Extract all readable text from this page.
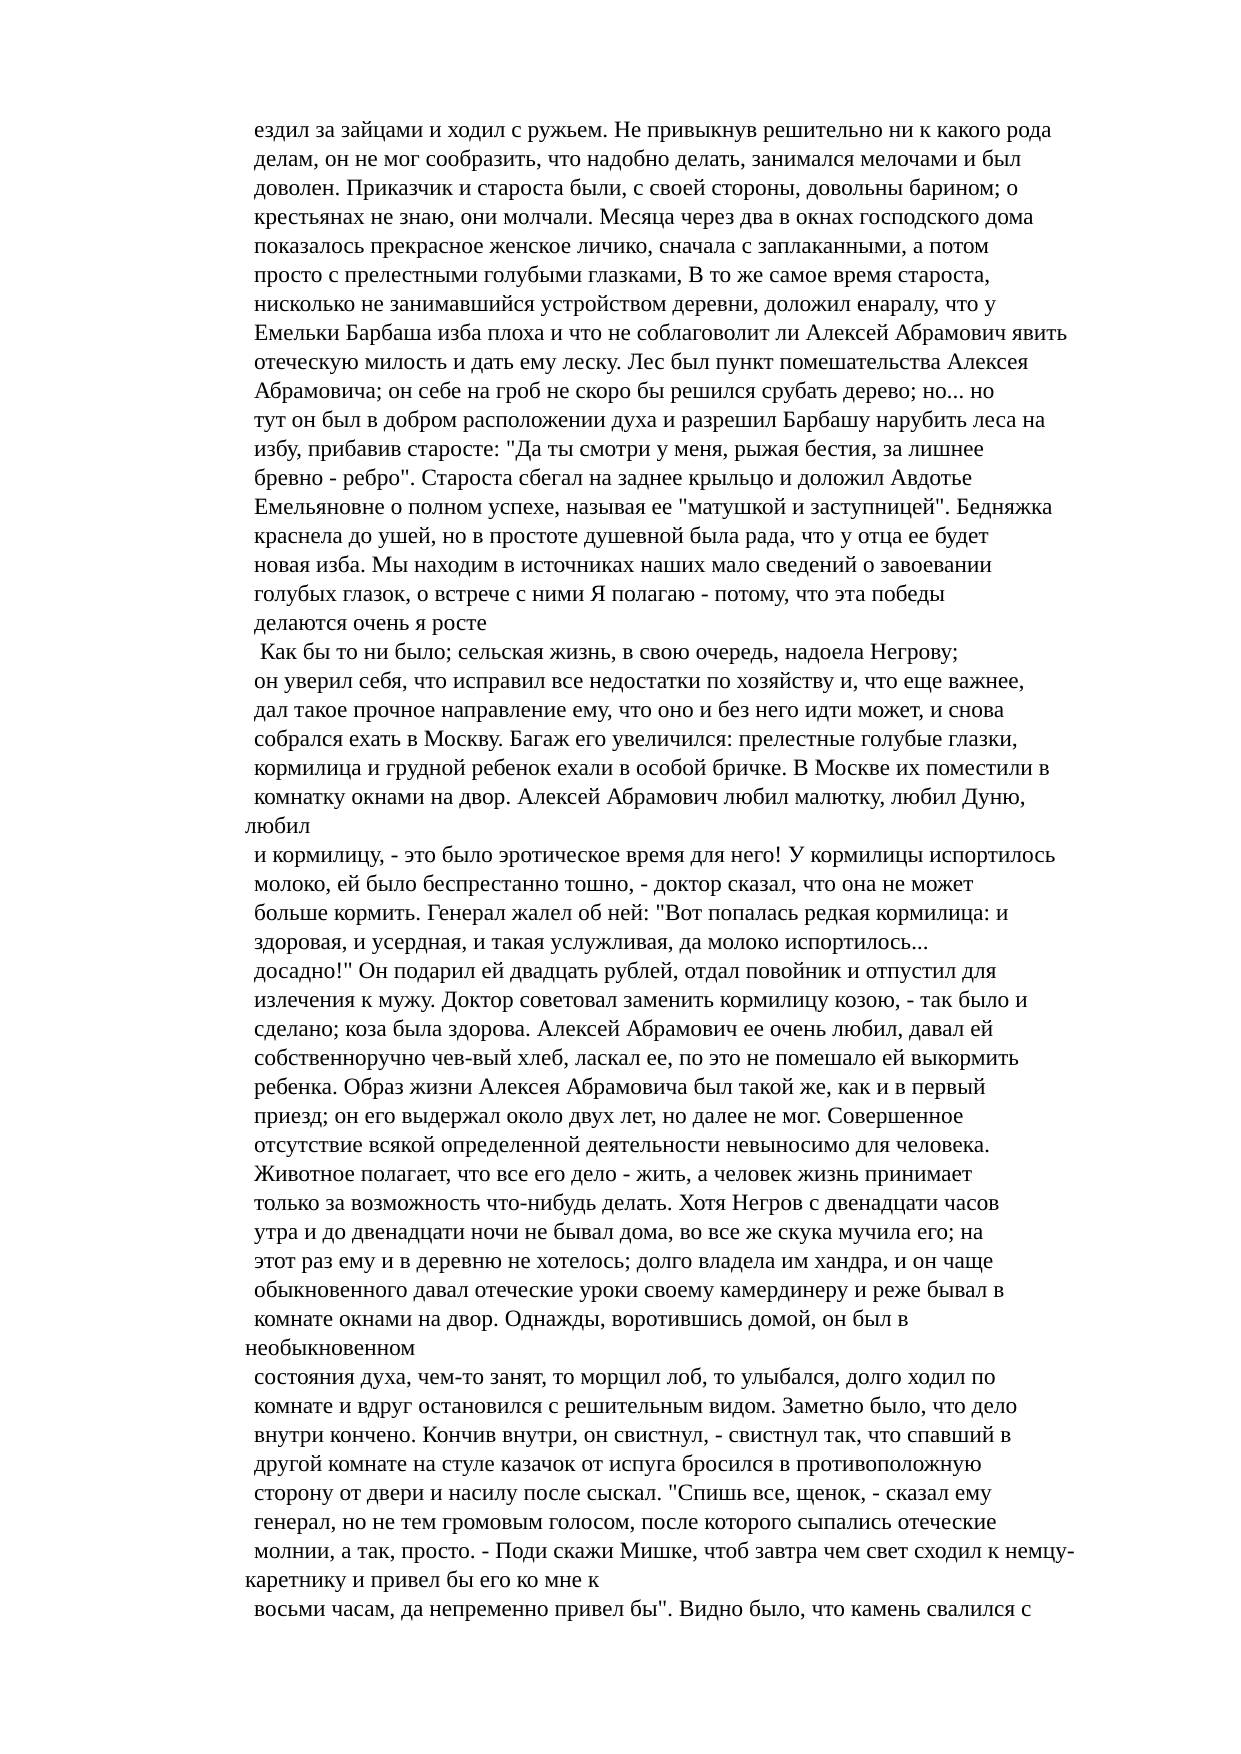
ездил за зайцами и ходил с ружьем. Не привыкнув решительно ни к какого рода
делам, он не мог сообразить, что надобно делать, занимался мелочами и был
доволен. Приказчик и староста были, с своей стороны, довольны барином; о
крестьянах не знаю, они молчали. Месяца через два в окнах господского дома
показалось прекрасное женское личико, сначала с заплаканными, а потом
просто с прелестными голубыми глазками, В то же самое время староста,
нисколько не занимавшийся устройством деревни, доложил енаралу, что у
Емельки Барбаша изба плоха и что не соблаговолит ли Алексей Абрамович явить
отеческую милость и дать ему леску. Лес был пункт помешательства Алексея
Абрамовича; он себе на гроб не скоро бы решился срубать дерево; но... но
тут он был в добром расположении духа и разрешил Барбашу нарубить леса на
избу, прибавив старосте: "Да ты смотри у меня, рыжая бестия, за лишнее
бревно - ребро". Староста сбегал на заднее крыльцо и доложил Авдотье
Емельяновне о полном успехе, называя ее "матушкой и заступницей". Бедняжка
краснела до ушей, но в простоте душевной была рада, что у отца ее будет
новая изба. Мы находим в источниках наших мало сведений о завоевании
голубых глазок, о встрече с ними Я полагаю - потому, что эта победы
делаются очень я росте
Как бы то ни было; сельская жизнь, в свою очередь, надоела Негрову;
он уверил себя, что исправил все недостатки по хозяйству и, что еще важнее,
дал такое прочное направление ему, что оно и без него идти может, и снова
собрался ехать в Москву. Багаж его увеличился: прелестные голубые глазки,
кормилица и грудной ребенок ехали в особой бричке. В Москве их поместили в
комнатку окнами на двор. Алексей Абрамович любил малютку, любил Дуню,
любил
и кормилицу, - это было эротическое время для него! У кормилицы испортилось
молоко, ей было беспрестанно тошно, - доктор сказал, что она не может
больше кормить. Генерал жалел об ней: "Вот попалась редкая кормилица: и
здоровая, и усердная, и такая услужливая, да молоко испортилось...
досадно!" Он подарил ей двадцать рублей, отдал повойник и отпустил для
излечения к мужу. Доктор советовал заменить кормилицу козою, - так было и
сделано; коза была здорова. Алексей Абрамович ее очень любил, давал ей
собственноручно чев-вый хлеб, ласкал ее, по это не помешало ей выкормить
ребенка. Образ жизни Алексея Абрамовича был такой же, как и в первый
приезд; он его выдержал около двух лет, но далее не мог. Совершенное
отсутствие всякой определенной деятельности невыносимо для человека.
Животное полагает, что все его дело - жить, а человек жизнь принимает
только за возможность что-нибудь делать. Хотя Негров с двенадцати часов
утра и до двенадцати ночи не бывал дома, во все же скука мучила его; на
этот раз ему и в деревню не хотелось; долго владела им хандра, и он чаще
обыкновенного давал отеческие уроки своему камердинеру и реже бывал в
комнате окнами на двор. Однажды, воротившись домой, он был в
необыкновенном
состояния духа, чем-то занят, то морщил лоб, то улыбался, долго ходил по
комнате и вдруг остановился с решительным видом. Заметно было, что дело
внутри кончено. Кончив внутри, он свистнул, - свистнул так, что спавший в
другой комнате на стуле казачок от испуга бросился в противоположную
сторону от двери и насилу после сыскал. "Спишь все, щенок, - сказал ему
генерал, но не тем громовым голосом, после которого сыпались отеческие
молнии, а так, просто. - Поди скажи Мишке, чтоб завтра чем свет сходил к немцу-
каретнику и привел бы его ко мне к
восьми часам, да непременно привел бы". Видно было, что камень свалился с
